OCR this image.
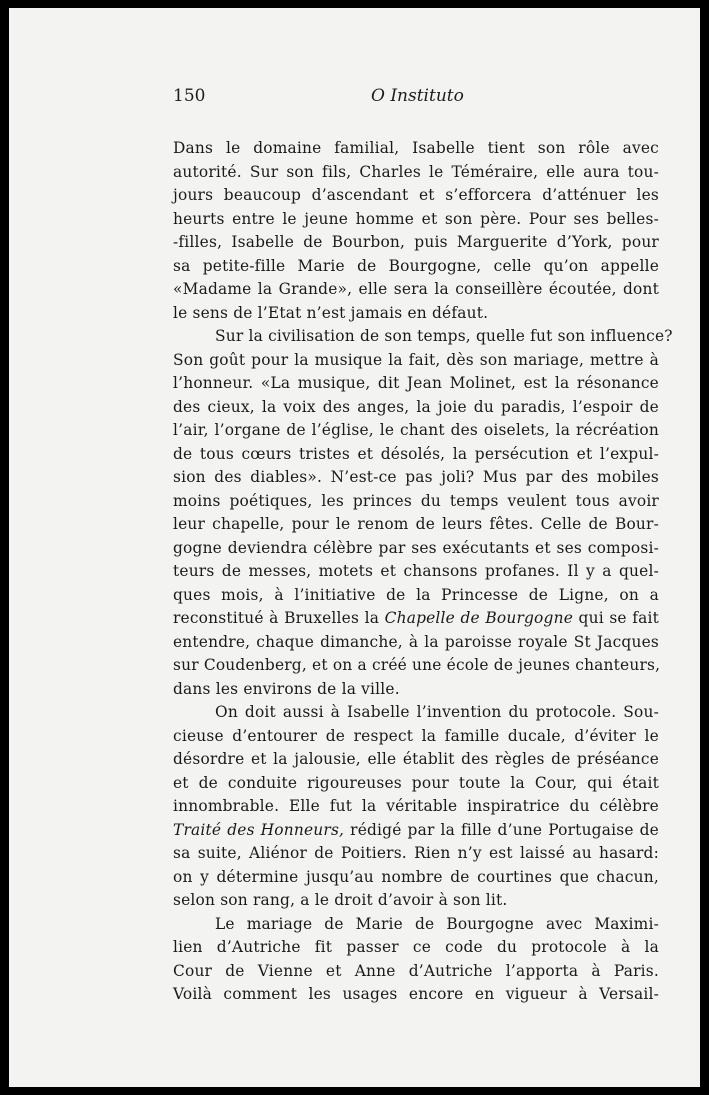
150	O Instituto
Dans le domaine familial, Isabelle tient son rôle avec
autorité. Sur son fils, Charles le Téméraire, elle aura tou-
jours beaucoup d’ascendant et s’efforcera d’atténuer les
heurts entre le jeune homme et son père. Pour ses belles-
-filles, Isabelle de Bourbon, puis Marguerite d’York, pour
sa petite-fille Marie de Bourgogne, celle qu’on appelle
«Madame la Grande», elle sera la conseillère écoutée, dont
le sens de l’Etat n’est jamais en défaut.
Sur la civilisation de son temps, quelle fut son influence?
Son goût pour la musique la fait, dès son mariage, mettre à
l’honneur. «La musique, dit Jean Molinet, est la résonance
des cieux, la voix des anges, la joie du paradis, l’espoir de
l’air, l’organe de l’église, le chant des oiselets, la récréation
de tous cœurs tristes et désolés, la persécution et l’expul-
sion des diables». N’est-ce pas joli? Mus par des mobiles
moins poétiques, les princes du temps veulent tous avoir
leur chapelle, pour le renom de leurs fêtes. Celle de Bour-
gogne deviendra célèbre par ses exécutants et ses composi-
teurs de messes, motets et chansons profanes. Il y a quel-
ques mois, à l’initiative de la Princesse de Ligne, on a
reconstitué à Bruxelles la Chapelle de Bourgogne qui se fait
entendre, chaque dimanche, à la paroisse royale St Jacques
sur Coudenberg, et on a créé une école de jeunes chanteurs,
dans les environs de la ville.
On doit aussi à Isabelle l’invention du protocole. Sou-
cieuse d’entourer de respect la famille ducale, d’éviter le
désordre et la jalousie, elle établit des règles de préséance
et de conduite rigoureuses pour toute la Cour, qui était
innombrable. Elle fut la véritable inspiratrice du célèbre
Traité des Honneurs, rédigé par la fille d’une Portugaise de
sa suite, Aliénor de Poitiers. Rien n’y est laissé au hasard:
on y détermine jusqu’au nombre de courtines que chacun,
selon son rang, a le droit d’avoir à son lit.
Le mariage de Marie de Bourgogne avec Maximi-
lien d’Autriche fit passer ce code du protocole à la
Cour de Vienne et Anne d’Autriche l’apporta à Paris.
Voilà comment les usages encore en vigueur à Versail-
